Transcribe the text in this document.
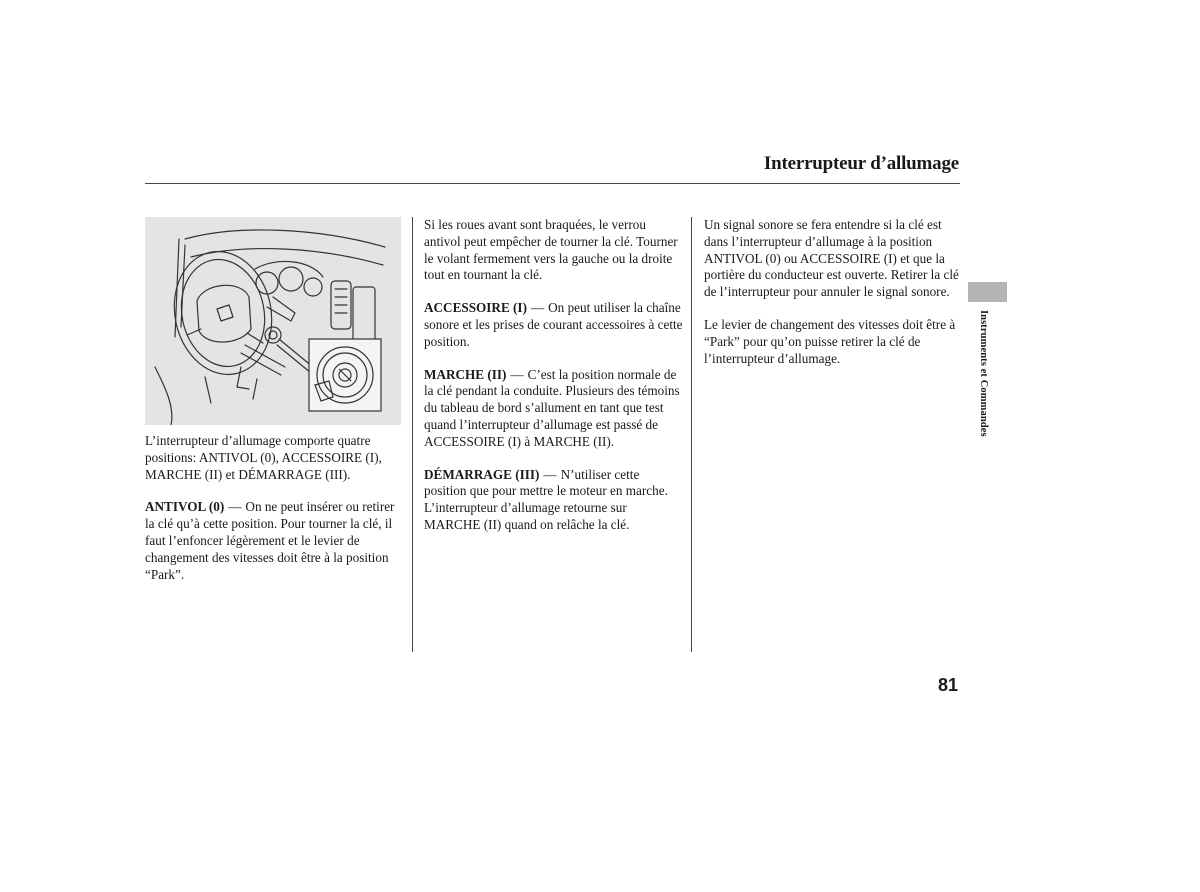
Interrupteur d’allumage

L’interrupteur d’allumage comporte quatre positions: ANTIVOL (0), ACCESSOIRE (I), MARCHE (II) et DÉMARRAGE (III).

ANTIVOL (0) — On ne peut insérer ou retirer la clé qu’à cette position. Pour tourner la clé, il faut l’enfoncer légèrement et le levier de changement des vitesses doit être à la position “Park”.

Si les roues avant sont braquées, le verrou antivol peut empêcher de tourner la clé. Tourner le volant fermement vers la gauche ou la droite tout en tournant la clé.

ACCESSOIRE (I) — On peut utiliser la chaîne sonore et les prises de courant accessoires à cette position.

MARCHE (II) — C’est la position normale de la clé pendant la conduite. Plusieurs des témoins du tableau de bord s’allument en tant que test quand l’interrupteur d’allumage est passé de ACCESSOIRE (I) à MARCHE (II).

DÉMARRAGE (III) — N’utiliser cette position que pour mettre le moteur en marche. L’interrupteur d’allumage retourne sur MARCHE (II) quand on relâche la clé.

Un signal sonore se fera entendre si la clé est dans l’interrupteur d’allumage à la position ANTIVOL (0) ou ACCESSOIRE (I) et que la portière du conducteur est ouverte. Retirer la clé de l’interrupteur pour annuler le signal sonore.

Le levier de changement des vitesses doit être à “Park” pour qu’on puisse retirer la clé de l’interrupteur d’allumage.	Instruments et Commandes
81
